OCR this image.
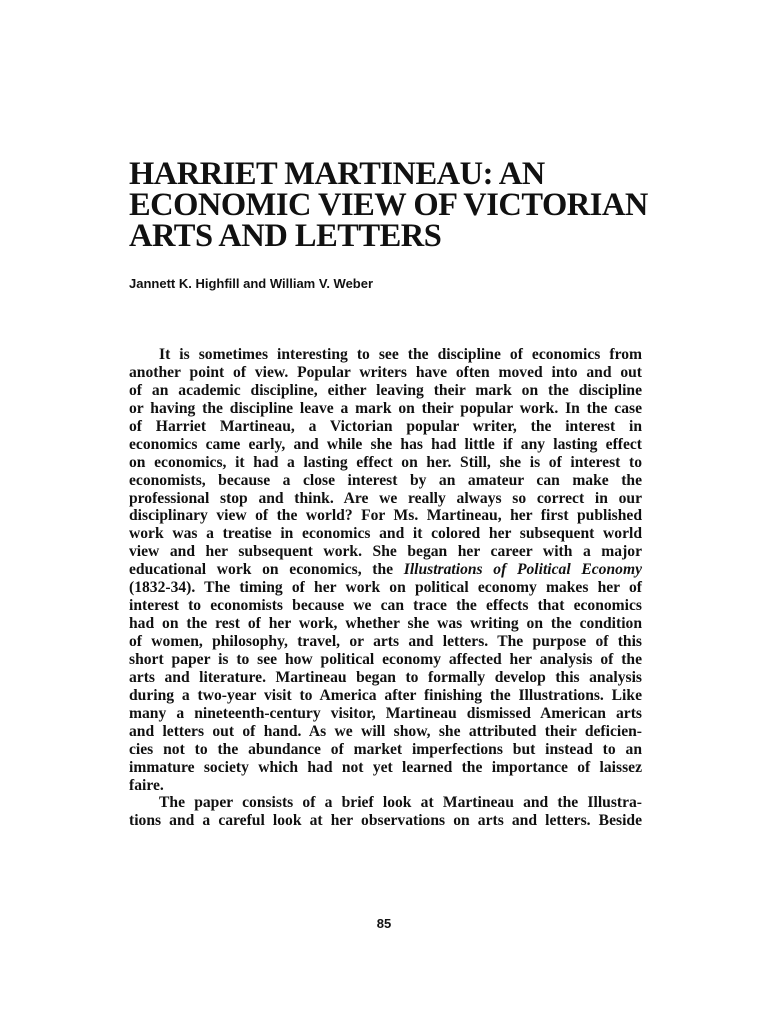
HARRIET MARTINEAU: AN
ECONOMIC VIEW OF VICTORIAN
ARTS AND LETTERS

Jannett K. Highfill and William V. Weber

It is sometimes interesting to see the discipline of economics from
another point of view. Popular writers have often moved into and out
of an academic discipline, either leaving their mark on the discipline
or having the discipline leave a mark on their popular work. In the case
of Harriet Martineau, a Victorian popular writer, the interest in
economics came early, and while she has had little if any lasting effect
on economics, it had a lasting effect on her. Still, she is of interest to
economists, because a close interest by an amateur can make the
professional stop and think. Are we really always so correct in our
disciplinary view of the world? For Ms. Martineau, her first published
work was a treatise in economics and it colored her subsequent world
view and her subsequent work. She began her career with a major
educational work on economics, the Illustrations of Political Economy
(1832-34). The timing of her work on political economy makes her of
interest to economists because we can trace the effects that economics
had on the rest of her work, whether she was writing on the condition
of women, philosophy, travel, or arts and letters. The purpose of this
short paper is to see how political economy affected her analysis of the
arts and literature. Martineau began to formally develop this analysis
during a two-year visit to America after finishing the Illustrations. Like
many a nineteenth-century visitor, Martineau dismissed American arts
and letters out of hand. As we will show, she attributed their deficien-
cies not to the abundance of market imperfections but instead to an
immature society which had not yet learned the importance of laissez
faire.
The paper consists of a brief look at Martineau and the Illustra-
tions and a careful look at her observations on arts and letters. Beside
85
